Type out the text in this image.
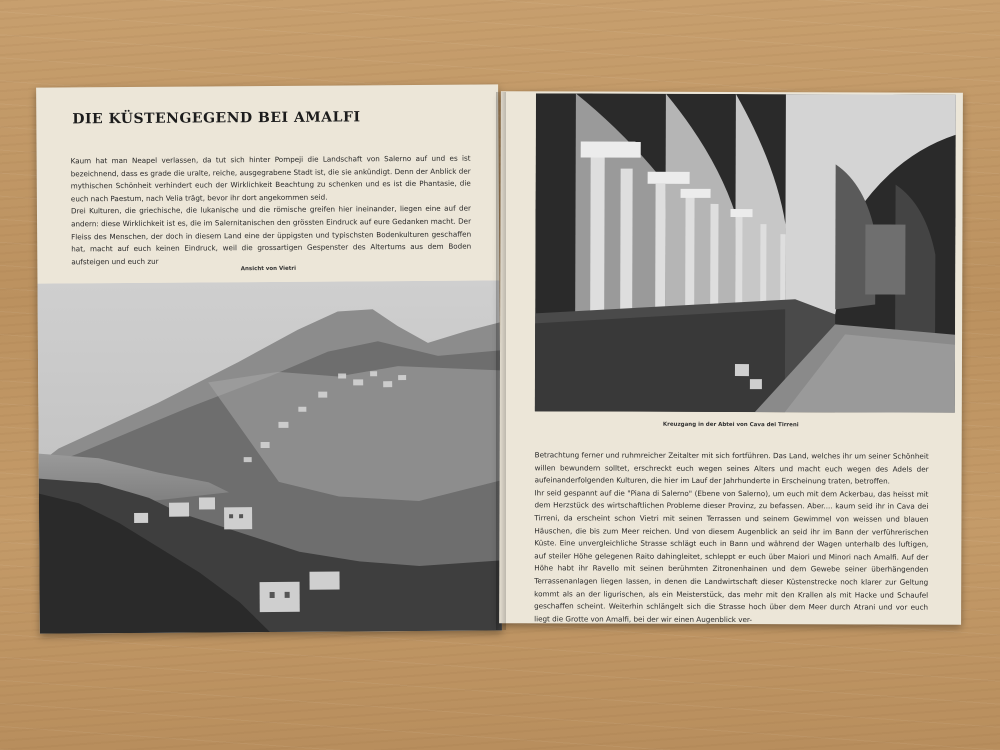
DIE KÜSTENGEGEND BEI AMALFI

Kaum hat man Neapel verlassen, da tut sich hinter Pompeji die Landschaft von Salerno auf und es ist bezeichnend, dass es grade die uralte, reiche, ausgegrabene Stadt ist, die sie ankündigt. Denn der Anblick der mythischen Schönheit verhindert euch der Wirklichkeit Beachtung zu schenken und es ist die Phantasie, die euch nach Paestum, nach Velia trägt, bevor ihr dort angekommen seid.

Drei Kulturen, die griechische, die lukanische und die römische greifen hier ineinander, liegen eine auf der andern: diese Wirklichkeit ist es, die im Salernitanischen den grössten Eindruck auf eure Gedanken macht. Der Fleiss des Menschen, der doch in diesem Land eine der üppigsten und typischsten Bodenkulturen geschaffen hat, macht auf euch keinen Eindruck, weil die grossartigen Gespenster des Altertums aus dem Boden aufsteigen und euch zur

Ansicht von Vietri
Kreuzgang in der Abtei von Cava dei Tirreni

Betrachtung ferner und ruhmreicher Zeitalter mit sich fortführen. Das Land, welches ihr um seiner Schönheit willen bewundern solltet, erschreckt euch wegen seines Alters und macht euch wegen des Adels der aufeinanderfolgenden Kulturen, die hier im Lauf der Jahrhunderte in Erscheinung traten, betroffen.

Ihr seid gespannt auf die "Piana di Salerno" (Ebene von Salerno), um euch mit dem Ackerbau, das heisst mit dem Herzstück des wirtschaftlichen Probleme dieser Provinz, zu befassen. Aber.... kaum seid ihr in Cava dei Tirreni, da erscheint schon Vietri mit seinen Terrassen und seinem Gewimmel von weissen und blauen Häuschen, die bis zum Meer reichen. Und von diesem Augenblick an seid ihr im Bann der verführerischen Küste. Eine unvergleichliche Strasse schlägt euch in Bann und während der Wagen unterhalb des luftigen, auf steiler Höhe gelegenen Raito dahingleitet, schleppt er euch über Maiori und Minori nach Amalfi. Auf der Höhe habt ihr Ravello mit seinen berühmten Zitronenhainen und dem Gewebe seiner überhängenden Terrassenanlagen liegen lassen, in denen die Landwirtschaft dieser Küstenstrecke noch klarer zur Geltung kommt als an der ligurischen, als ein Meisterstück, das mehr mit den Krallen als mit Hacke und Schaufel geschaffen scheint. Weiterhin schlängelt sich die Strasse hoch über dem Meer durch Atrani und vor euch liegt die Grotte von Amalfi, bei der wir einen Augenblick ver-
